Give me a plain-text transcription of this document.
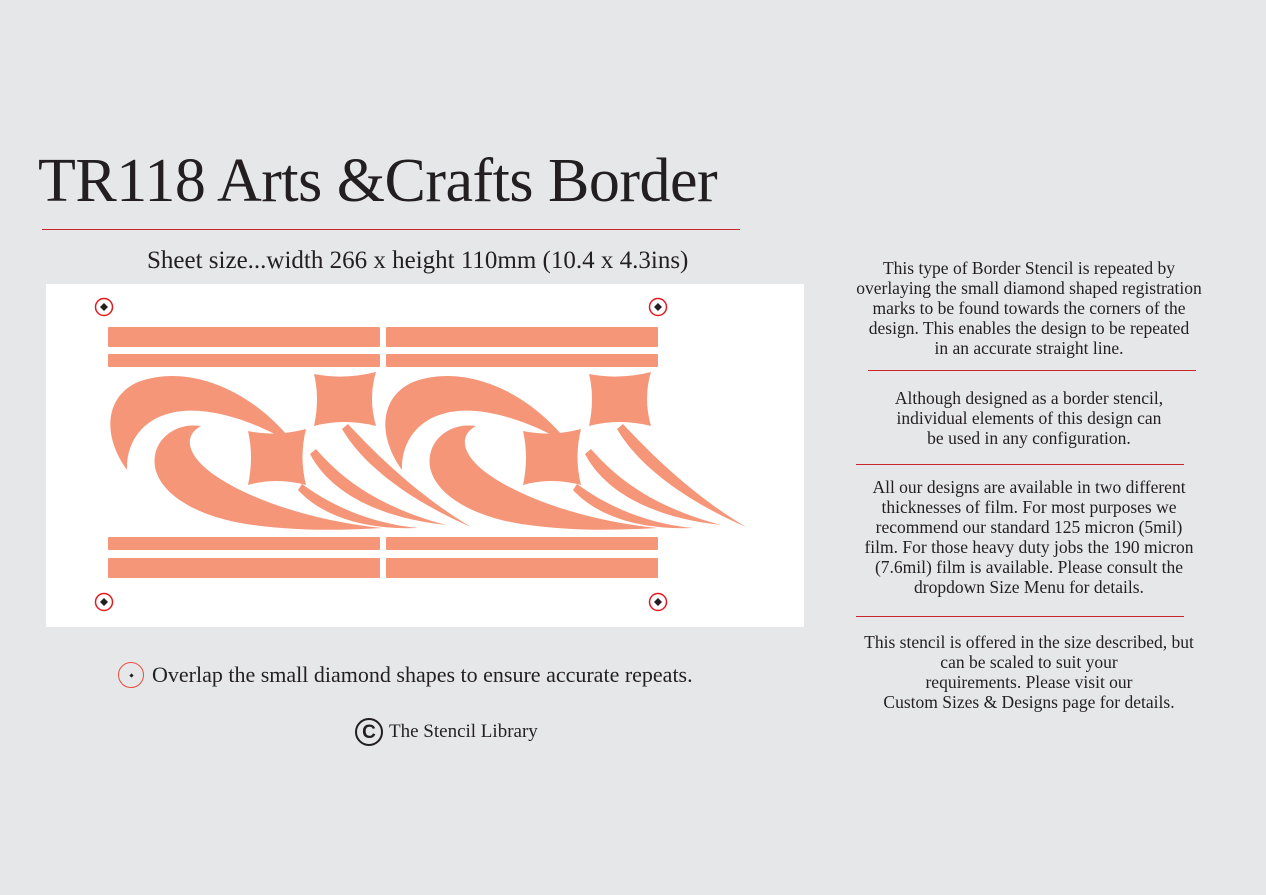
TR118 Arts &Crafts Border
Sheet size...width 266 x height 110mm (10.4 x 4.3ins)
Overlap the small diamond shapes to ensure accurate repeats.
C The Stencil Library

This type of Border Stencil is repeated by

overlaying the small diamond shaped registration

marks to be found towards the corners of the

design. This enables the design to be repeated

in an accurate straight line.

Although designed as a border stencil,

individual elements of this design can

be used in any configuration.

All our designs are available in two different

thicknesses of film. For most purposes we

recommend our standard 125 micron (5mil)

film. For those heavy duty jobs the 190 micron

(7.6mil) film is available. Please consult the

dropdown Size Menu for details.

This stencil is offered in the size described, but

can be scaled to suit your

requirements. Please visit our

Custom Sizes & Designs page for details.
